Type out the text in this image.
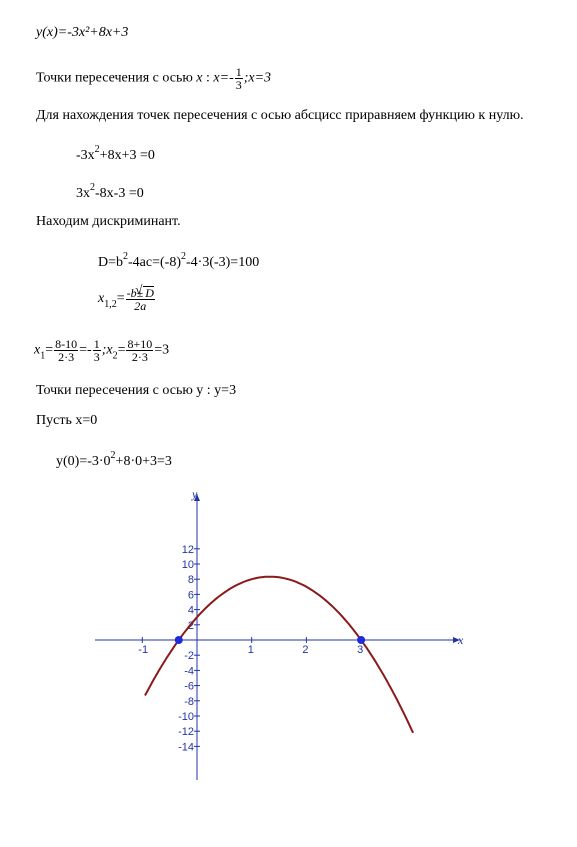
y(x)=-3x²+8x+3
Точки пересечения с осью x : $x=- \frac{1}{3}$ ;x=3
Для нахождения точек пересечения с осью абсцисс приравняем функцию к нулю.
$-3x^2+8x+3 =0$
$3x^2-8x-3 =0$
Находим дискриминант.
$D=b^2-4ac=(-8)^2-4\cdot 3(-3)=100$
$x_{1,2}= \frac{-b\pm√ D}{2a}$
$x_1= \frac{8-10}{2\cdot 3} =- \frac{1}{3}$ $;x_2= \frac{8+10}{2\cdot 3} =3$
Точки пересечения с осью y : y=3
Пусть x=0
$y(0)=-3\cdot 0^2+8\cdot 0+3=3$
x
y
-1	1	2	3
12
10
8
6
4
2
-2
-4
-6
-8
-10
-12
-14
